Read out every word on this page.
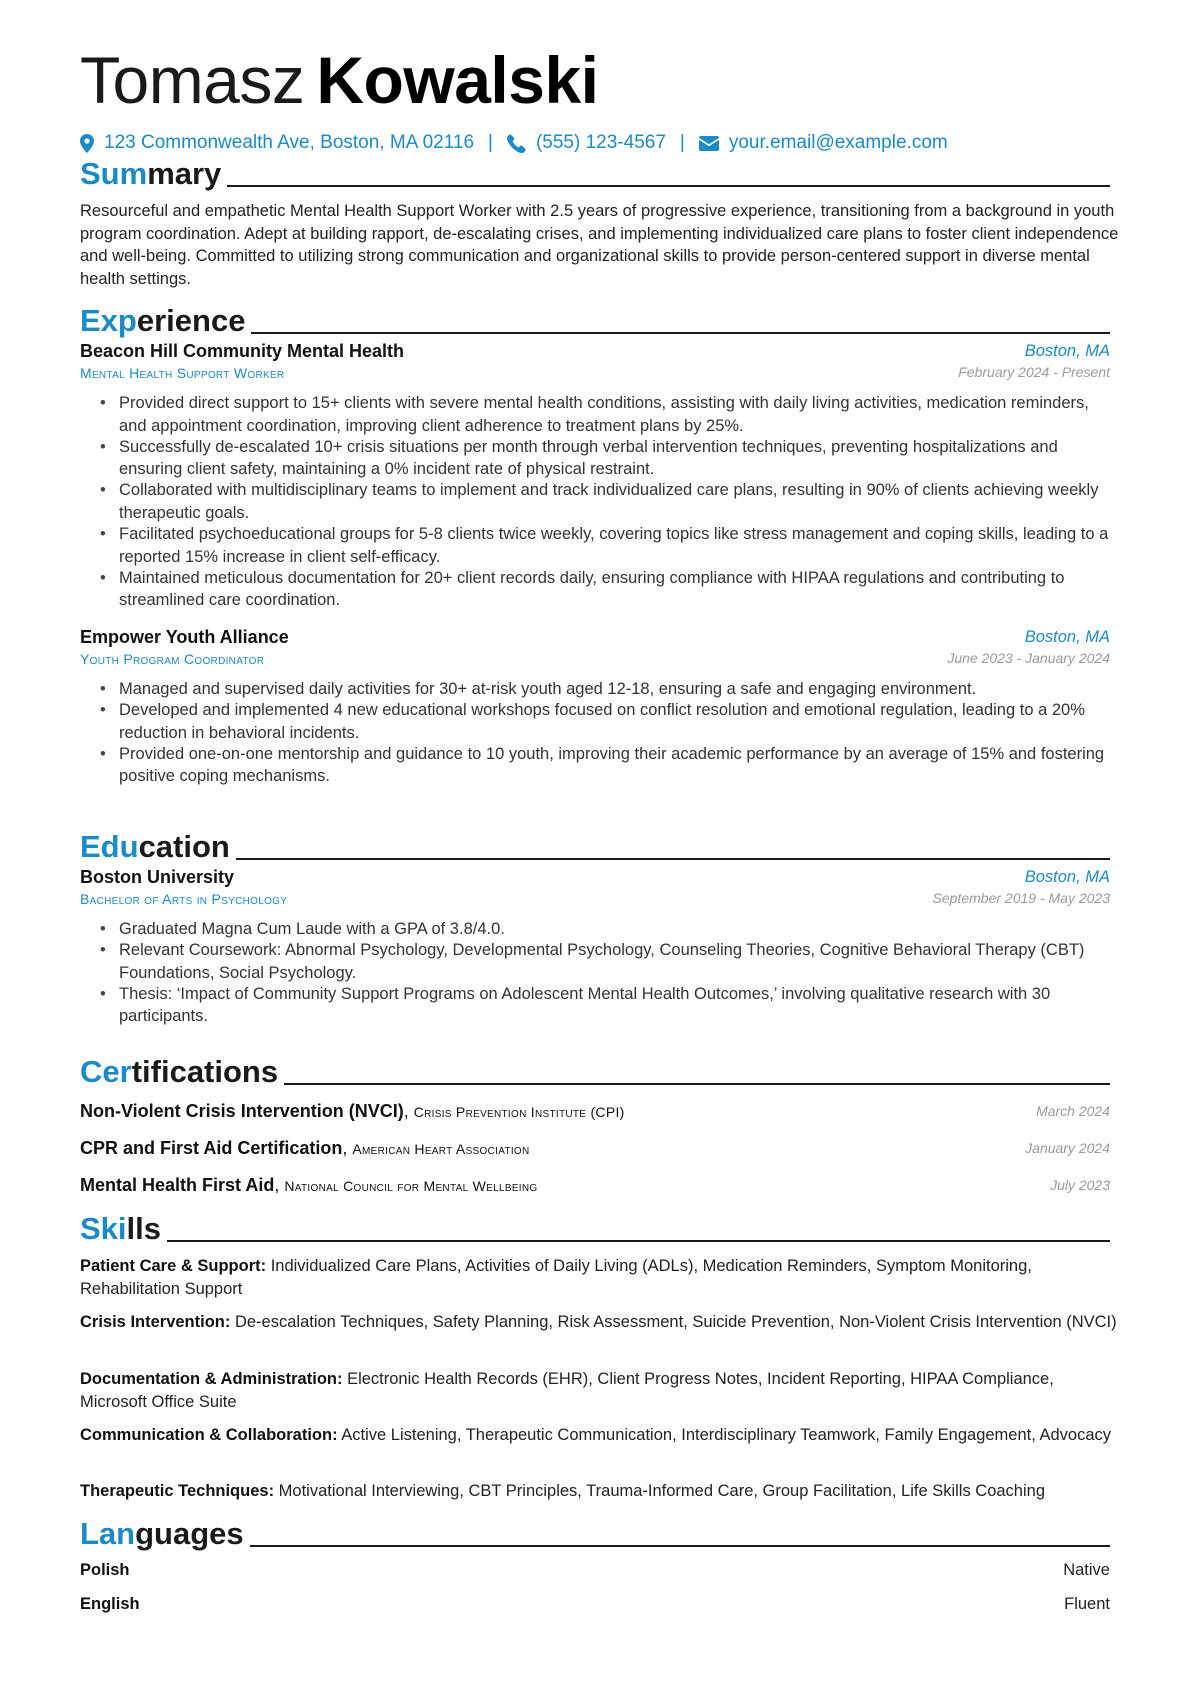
Tomasz Kowalski
123 Commonwealth Ave, Boston, MA 02116 | (555) 123-4567 | your.email@example.com
Summary
Resourceful and empathetic Mental Health Support Worker with 2.5 years of progressive experience, transitioning from a background in youth program coordination. Adept at building rapport, de-escalating crises, and implementing individualized care plans to foster client independence and well-being. Committed to utilizing strong communication and organizational skills to provide person-centered support in diverse mental health settings.
Experience
Beacon Hill Community Mental Health	Boston, MA
Mental Health Support Worker	February 2024 - Present
• Provided direct support to 15+ clients with severe mental health conditions, assisting with daily living activities, medication reminders, and appointment coordination, improving client adherence to treatment plans by 25%.
• Successfully de-escalated 10+ crisis situations per month through verbal intervention techniques, preventing hospitalizations and ensuring client safety, maintaining a 0% incident rate of physical restraint.
• Collaborated with multidisciplinary teams to implement and track individualized care plans, resulting in 90% of clients achieving weekly therapeutic goals.
• Facilitated psychoeducational groups for 5-8 clients twice weekly, covering topics like stress management and coping skills, leading to a reported 15% increase in client self-efficacy.
• Maintained meticulous documentation for 20+ client records daily, ensuring compliance with HIPAA regulations and contributing to streamlined care coordination.
Empower Youth Alliance	Boston, MA
Youth Program Coordinator	June 2023 - January 2024
• Managed and supervised daily activities for 30+ at-risk youth aged 12-18, ensuring a safe and engaging environment.
• Developed and implemented 4 new educational workshops focused on conflict resolution and emotional regulation, leading to a 20% reduction in behavioral incidents.
• Provided one-on-one mentorship and guidance to 10 youth, improving their academic performance by an average of 15% and fostering positive coping mechanisms.
Education
Boston University	Boston, MA
Bachelor of Arts in Psychology	September 2019 - May 2023
• Graduated Magna Cum Laude with a GPA of 3.8/4.0.
• Relevant Coursework: Abnormal Psychology, Developmental Psychology, Counseling Theories, Cognitive Behavioral Therapy (CBT) Foundations, Social Psychology.
• Thesis: ‘Impact of Community Support Programs on Adolescent Mental Health Outcomes,’ involving qualitative research with 30 participants.
Certifications
Non-Violent Crisis Intervention (NVCI), Crisis Prevention Institute (CPI)	March 2024
CPR and First Aid Certification, American Heart Association	January 2024
Mental Health First Aid, National Council for Mental Wellbeing	July 2023
Skills
Patient Care & Support: Individualized Care Plans, Activities of Daily Living (ADLs), Medication Reminders, Symptom Monitoring, Rehabilitation Support
Crisis Intervention: De-escalation Techniques, Safety Planning, Risk Assessment, Suicide Prevention, Non-Violent Crisis Intervention (NVCI)
Documentation & Administration: Electronic Health Records (EHR), Client Progress Notes, Incident Reporting, HIPAA Compliance, Microsoft Office Suite
Communication & Collaboration: Active Listening, Therapeutic Communication, Interdisciplinary Teamwork, Family Engagement, Advocacy
Therapeutic Techniques: Motivational Interviewing, CBT Principles, Trauma-Informed Care, Group Facilitation, Life Skills Coaching
Languages
Polish	Native
English	Fluent
